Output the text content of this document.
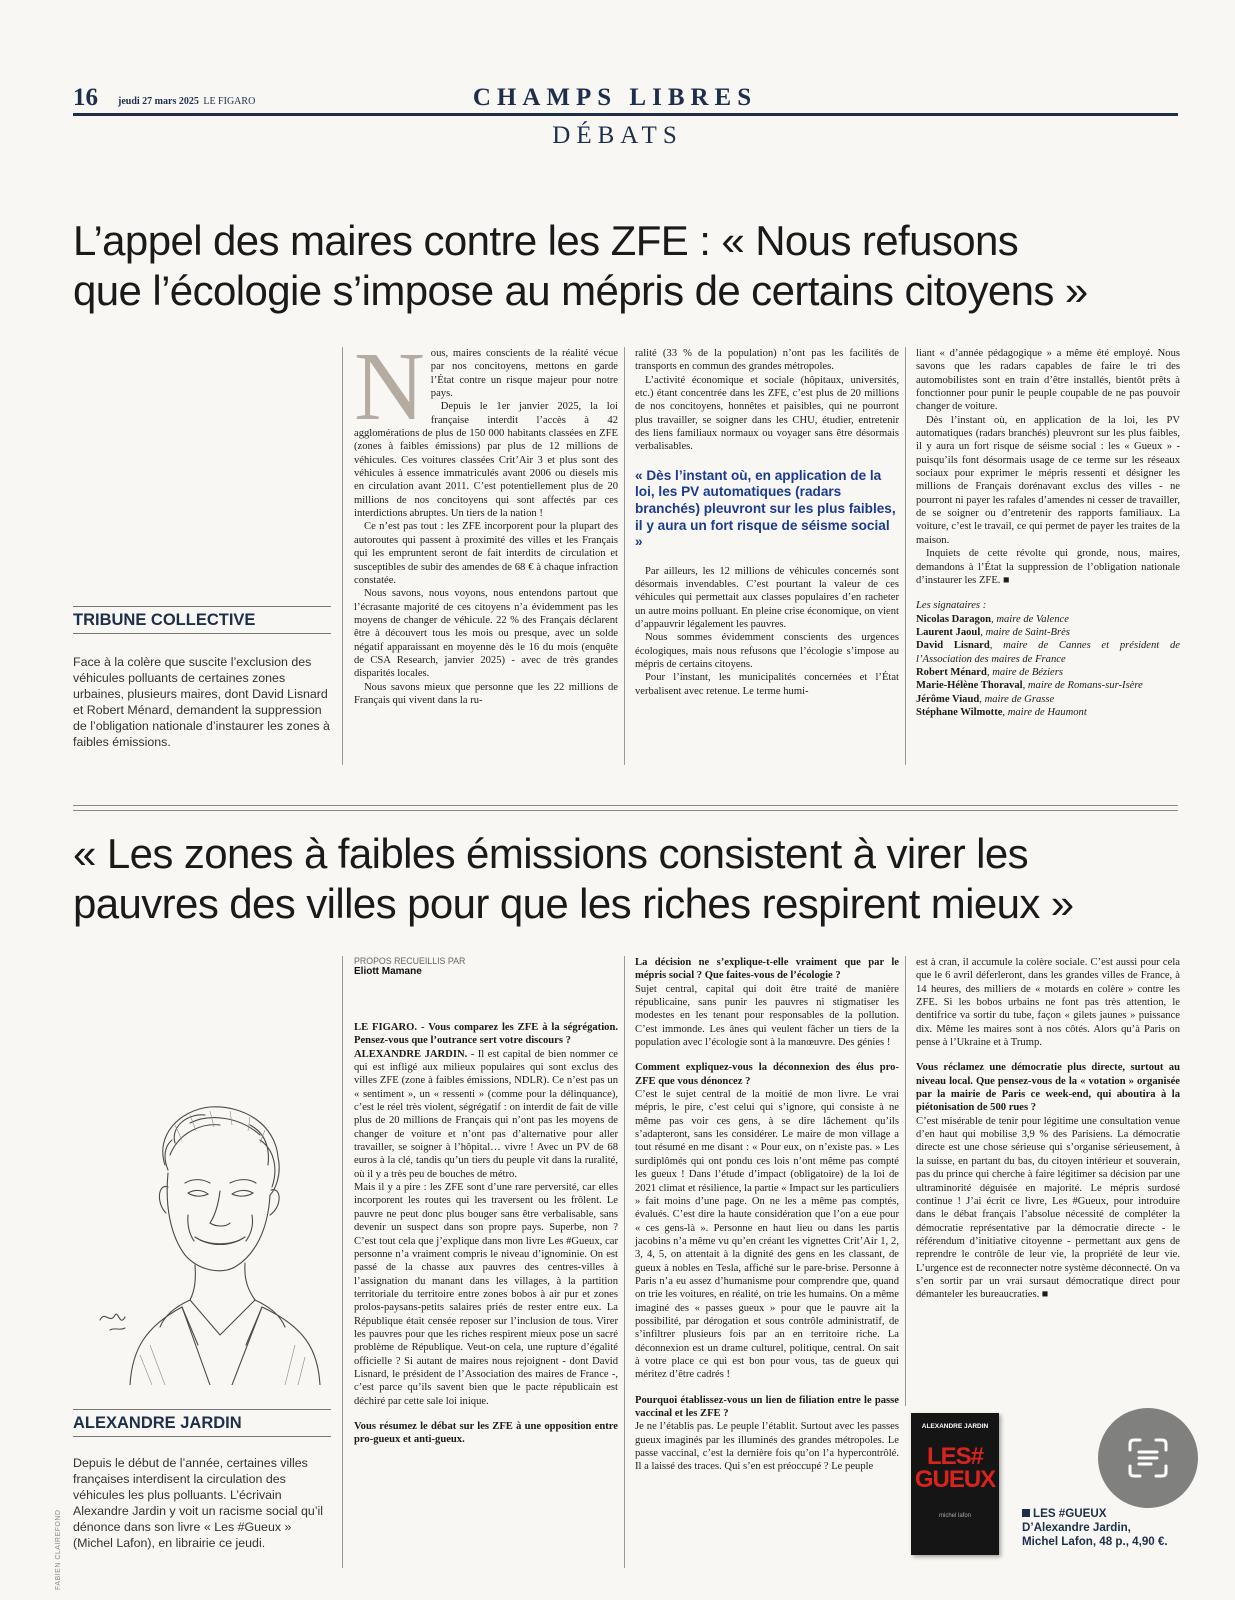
16 jeudi 27 mars 2025 LE FIGARO	CHAMPS LIBRES
DÉBATS
L’appel des maires contre les ZFE : « Nous refusons
que l’écologie s’impose au mépris de certains citoyens »
TRIBUNE COLLECTIVE
Face à la colère que suscite l’exclusion des véhicules polluants de certaines zones urbaines, plusieurs maires, dont David Lisnard et Robert Ménard, demandent la suppression de l’obligation nationale d’instaurer les zones à faibles émissions.
N ous, maires conscients de la réalité vécue par nos concitoyens, mettons en garde l’État contre un risque majeur pour notre pays.

Depuis le 1er janvier 2025, la loi française interdit l’accès à 42 agglomérations de plus de 150 000 habitants classées en ZFE (zones à faibles émissions) par plus de 12 millions de véhicules. Ces voitures classées Crit’Air 3 et plus sont des véhicules à essence immatriculés avant 2006 ou diesels mis en circulation avant 2011. C’est potentiellement plus de 20 millions de nos concitoyens qui sont affectés par ces interdictions abruptes. Un tiers de la nation !

Ce n’est pas tout : les ZFE incorporent pour la plupart des autoroutes qui passent à proximité des villes et les Français qui les empruntent seront de fait interdits de circulation et susceptibles de subir des amendes de 68 € à chaque infraction constatée.

Nous savons, nous voyons, nous entendons partout que l’écrasante majorité de ces citoyens n’a évidemment pas les moyens de changer de véhicule. 22 % des Français déclarent être à découvert tous les mois ou presque, avec un solde négatif apparaissant en moyenne dès le 16 du mois (enquête de CSA Research, janvier 2025) - avec de très grandes disparités locales.

Nous savons mieux que personne que les 22 millions de Français qui vivent dans la ru-

ralité (33 % de la population) n’ont pas les facilités de transports en commun des grandes métropoles.

L’activité économique et sociale (hôpitaux, universités, etc.) étant concentrée dans les ZFE, c’est plus de 20 millions de nos concitoyens, honnêtes et paisibles, qui ne pourront plus travailler, se soigner dans les CHU, étudier, entretenir des liens familiaux normaux ou voyager sans être désormais verbalisables.

« Dès l’instant où, en application de la loi, les PV automatiques (radars branchés) pleuvront sur les plus faibles, il y aura un fort risque de séisme social »

Par ailleurs, les 12 millions de véhicules concernés sont désormais invendables. C’est pourtant la valeur de ces véhicules qui permettait aux classes populaires d’en racheter un autre moins polluant. En pleine crise économique, on vient d’appauvrir légalement les pauvres.

Nous sommes évidemment conscients des urgences écologiques, mais nous refusons que l’écologie s’impose au mépris de certains citoyens.

Pour l’instant, les municipalités concernées et l’État verbalisent avec retenue. Le terme humi-

liant « d’année pédagogique » a même été employé. Nous savons que les radars capables de faire le tri des automobilistes sont en train d’être installés, bientôt prêts à fonctionner pour punir le peuple coupable de ne pas pouvoir changer de voiture.

Dès l’instant où, en application de la loi, les PV automatiques (radars branchés) pleuvront sur les plus faibles, il y aura un fort risque de séisme social : les « Gueux » - puisqu’ils font désormais usage de ce terme sur les réseaux sociaux pour exprimer le mépris ressenti et désigner les millions de Français dorénavant exclus des villes - ne pourront ni payer les rafales d’amendes ni cesser de travailler, de se soigner ou d’entretenir des rapports familiaux. La voiture, c’est le travail, ce qui permet de payer les traites de la maison.

Inquiets de cette révolte qui gronde, nous, maires, demandons à l’État la suppression de l’obligation nationale d’instaurer les ZFE. ■

Les signataires :
Nicolas Daragon, maire de Valence
Laurent Jaoul, maire de Saint-Brès
David Lisnard, maire de Cannes et président de l’Association des maires de France
Robert Ménard, maire de Béziers
Marie-Hélène Thoraval, maire de Romans-sur-Isère
Jérôme Viaud, maire de Grasse
Stéphane Wilmotte, maire de Haumont
« Les zones à faibles émissions consistent à virer les
pauvres des villes pour que les riches respirent mieux »
FABIEN CLAIREFOND
ALEXANDRE JARDIN
Depuis le début de l’année, certaines villes françaises interdisent la circulation des véhicules les plus polluants. L’écrivain Alexandre Jardin y voit un racisme social qu’il dénonce dans son livre « Les #Gueux » (Michel Lafon), en librairie ce jeudi.
PROPOS RECUEILLIS PAR
Eliott Mamane
LE FIGARO. - Vous comparez les ZFE à la ségrégation. Pensez-vous que l’outrance sert votre discours ?

ALEXANDRE JARDIN. - Il est capital de bien nommer ce qui est infligé aux milieux populaires qui sont exclus des villes ZFE (zone à faibles émissions, NDLR). Ce n’est pas un « sentiment », un « ressenti » (comme pour la délinquance), c’est le réel très violent, ségrégatif : on interdit de fait de ville plus de 20 millions de Français qui n’ont pas les moyens de changer de voiture et n’ont pas d’alternative pour aller travailler, se soigner à l’hôpital… vivre ! Avec un PV de 68 euros à la clé, tandis qu’un tiers du peuple vit dans la ruralité, où il y a très peu de bouches de métro.

Mais il y a pire : les ZFE sont d’une rare perversité, car elles incorporent les routes qui les traversent ou les frôlent. Le pauvre ne peut donc plus bouger sans être verbalisable, sans devenir un suspect dans son propre pays. Superbe, non ? C’est tout cela que j’explique dans mon livre Les #Gueux, car personne n’a vraiment compris le niveau d’ignominie. On est passé de la chasse aux pauvres des centres-villes à l’assignation du manant dans les villages, à la partition territoriale du territoire entre zones bobos à air pur et zones prolos-paysans-petits salaires priés de rester entre eux. La République était censée reposer sur l’inclusion de tous. Virer les pauvres pour que les riches respirent mieux pose un sacré problème de République. Veut-on cela, une rupture d’égalité officielle ? Si autant de maires nous rejoignent - dont David Lisnard, le président de l’Association des maires de France -, c’est parce qu’ils savent bien que le pacte républicain est déchiré par cette sale loi inique.

Vous résumez le débat sur les ZFE à une opposition entre pro-gueux et anti-gueux.
La décision ne s’explique-t-elle vraiment que par le mépris social ? Que faites-vous de l’écologie ?

Sujet central, capital qui doit être traité de manière républicaine, sans punir les pauvres ni stigmatiser les modestes en les tenant pour responsables de la pollution. C’est immonde. Les ânes qui veulent fâcher un tiers de la population avec l’écologie sont à la manœuvre. Des génies !

Comment expliquez-vous la déconnexion des élus pro-ZFE que vous dénoncez ?

C’est le sujet central de la moitié de mon livre. Le vrai mépris, le pire, c’est celui qui s’ignore, qui consiste à ne même pas voir ces gens, à se dire lâchement qu’ils s’adapteront, sans les considérer. Le maire de mon village a tout résumé en me disant : « Pour eux, on n’existe pas. » Les surdiplômés qui ont pondu ces lois n’ont même pas compté les gueux ! Dans l’étude d’impact (obligatoire) de la loi de 2021 climat et résilience, la partie « Impact sur les particuliers » fait moins d’une page. On ne les a même pas comptés, évalués. C’est dire la haute considération que l’on a eue pour « ces gens-là ». Personne en haut lieu ou dans les partis jacobins n’a même vu qu’en créant les vignettes Crit’Air 1, 2, 3, 4, 5, on attentait à la dignité des gens en les classant, de gueux à nobles en Tesla, affiché sur le pare-brise. Personne à Paris n’a eu assez d’humanisme pour comprendre que, quand on trie les voitures, en réalité, on trie les humains. On a même imaginé des « passes gueux » pour que le pauvre ait la possibilité, par dérogation et sous contrôle administratif, de s’infiltrer plusieurs fois par an en territoire riche. La déconnexion est un drame culturel, politique, central. On sait à votre place ce qui est bon pour vous, tas de gueux qui méritez d’être cadrés !

Pourquoi établissez-vous un lien de filiation entre le passe vaccinal et les ZFE ?

Je ne l’établis pas. Le peuple l’établit. Surtout avec les passes gueux imaginés par les illuminés des grandes métropoles. Le passe vaccinal, c’est la dernière fois qu’on l’a hypercontrôlé. Il a laissé des traces. Qui s’en est préoccupé ? Le peuple

est à cran, il accumule la colère sociale. C’est aussi pour cela que le 6 avril déferleront, dans les grandes villes de France, à 14 heures, des milliers de « motards en colère » contre les ZFE. Si les bobos urbains ne font pas très attention, le dentifrice va sortir du tube, façon « gilets jaunes » puissance dix. Même les maires sont à nos côtés. Alors qu’à Paris on pense à l’Ukraine et à Trump.

Vous réclamez une démocratie plus directe, surtout au niveau local. Que pensez-vous de la « votation » organisée par la mairie de Paris ce week-end, qui aboutira à la piétonisation de 500 rues ?

C’est misérable de tenir pour légitime une consultation venue d’en haut qui mobilise 3,9 % des Parisiens. La démocratie directe est une chose sérieuse qui s’organise sérieusement, à la suisse, en partant du bas, du citoyen intérieur et souverain, pas du prince qui cherche à faire légitimer sa décision par une ultraminorité déguisée en majorité. Le mépris surdosé continue ! J’ai écrit ce livre, Les #Gueux, pour introduire dans le débat français l’absolue nécessité de compléter la démocratie représentative par la démocratie directe - le référendum d’initiative citoyenne - permettant aux gens de reprendre le contrôle de leur vie, la propriété de leur vie. L’urgence est de reconnecter notre système déconnecté. On va s’en sortir par un vrai sursaut démocratique direct pour démanteler les bureaucraties. ■

ALEXANDRE JARDIN
LES#
GUEUX
michel lafon	LES #GUEUX
D’Alexandre Jardin,
Michel Lafon, 48 p., 4,90 €.
